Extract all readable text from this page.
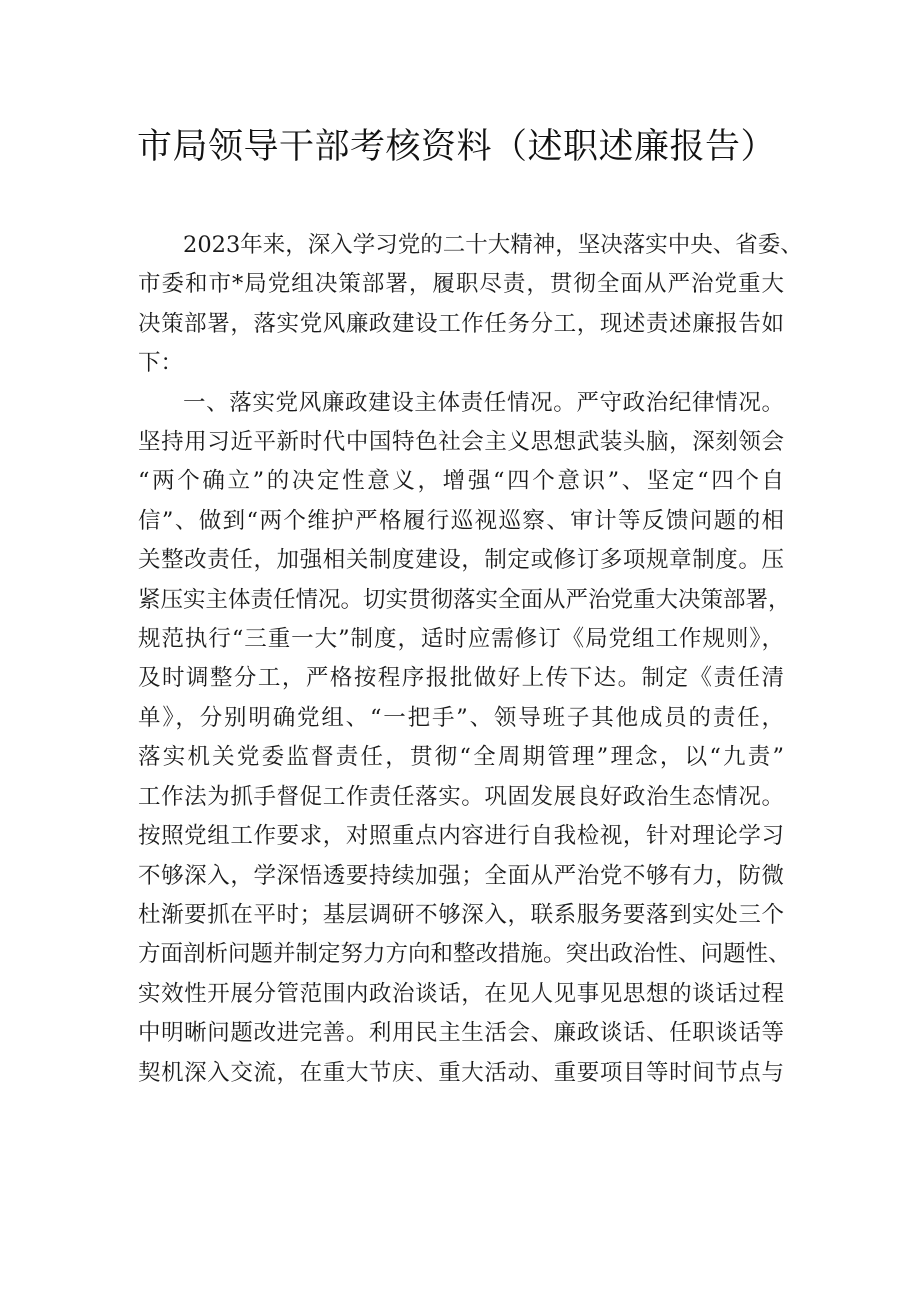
市局领导干部考核资料（述职述廉报告）
2023年来，深入学习党的二十大精神，坚决落实中央、省委、
市委和市*局党组决策部署，履职尽责，贯彻全面从严治党重大
决策部署，落实党风廉政建设工作任务分工，现述责述廉报告如
下：
一、落实党风廉政建设主体责任情况。严守政治纪律情况。
坚持用习近平新时代中国特色社会主义思想武装头脑，深刻领会
“两个确立”的决定性意义，增强“四个意识”、坚定“四个自
信”、做到“两个维护严格履行巡视巡察、审计等反馈问题的相
关整改责任，加强相关制度建设，制定或修订多项规章制度。压
紧压实主体责任情况。切实贯彻落实全面从严治党重大决策部署，
规范执行“三重一大”制度，适时应需修订《局党组工作规则》，
及时调整分工，严格按程序报批做好上传下达。制定《责任清
单》，分别明确党组、“一把手”、领导班子其他成员的责任，
落实机关党委监督责任，贯彻“全周期管理”理念，以“九责”
工作法为抓手督促工作责任落实。巩固发展良好政治生态情况。
按照党组工作要求，对照重点内容进行自我检视，针对理论学习
不够深入，学深悟透要持续加强；全面从严治党不够有力，防微
杜渐要抓在平时；基层调研不够深入，联系服务要落到实处三个
方面剖析问题并制定努力方向和整改措施。突出政治性、问题性、
实效性开展分管范围内政治谈话，在见人见事见思想的谈话过程
中明晰问题改进完善。利用民主生活会、廉政谈话、任职谈话等
契机深入交流，在重大节庆、重大活动、重要项目等时间节点与
